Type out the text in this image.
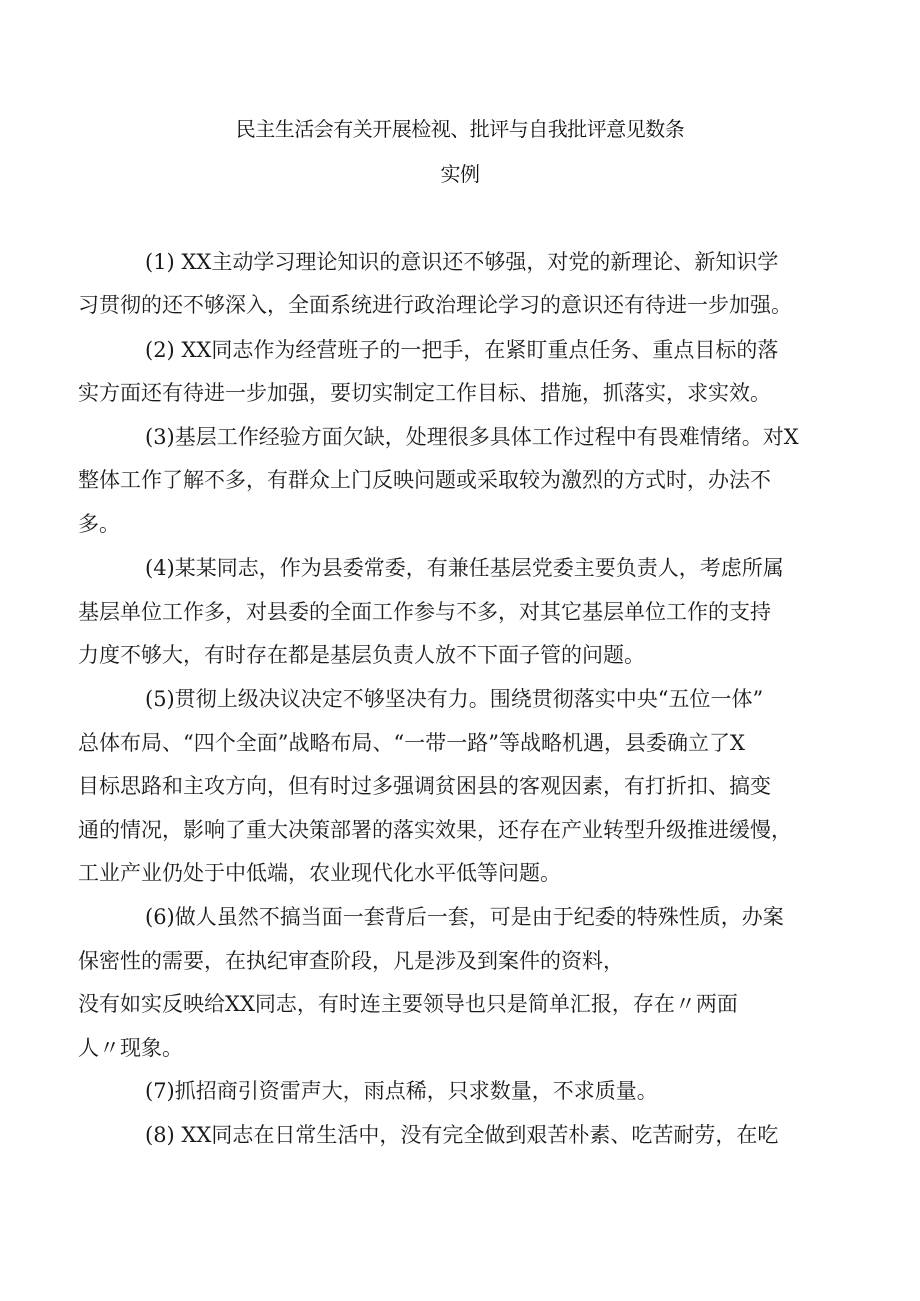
民主生活会有关开展检视、批评与自我批评意见数条
实例
(1) XX主动学习理论知识的意识还不够强，对党的新理论、新知识学
习贯彻的还不够深入，全面系统进行政治理论学习的意识还有待进一步加强。
(2) XX同志作为经营班子的一把手，在紧盯重点任务、重点目标的落
实方面还有待进一步加强，要切实制定工作目标、措施，抓落实，求实效。
(3)基层工作经验方面欠缺，处理很多具体工作过程中有畏难情绪。对X
整体工作了解不多，有群众上门反映问题或采取较为激烈的方式时，办法不
多。
(4)某某同志，作为县委常委，有兼任基层党委主要负责人，考虑所属
基层单位工作多，对县委的全面工作参与不多，对其它基层单位工作的支持
力度不够大，有时存在都是基层负责人放不下面子管的问题。
(5)贯彻上级决议决定不够坚决有力。围绕贯彻落实中央“五位一体”
总体布局、“四个全面”战略布局、“一带一路”等战略机遇，县委确立了X
目标思路和主攻方向，但有时过多强调贫困县的客观因素，有打折扣、搞变
通的情况，影响了重大决策部署的落实效果，还存在产业转型升级推进缓慢，
工业产业仍处于中低端，农业现代化水平低等问题。
(6)做人虽然不搞当面一套背后一套，可是由于纪委的特殊性质，办案
保密性的需要，在执纪审查阶段，凡是涉及到案件的资料，
没有如实反映给XX同志，有时连主要领导也只是简单汇报，存在〃两面
人〃现象。
(7)抓招商引资雷声大，雨点稀，只求数量，不求质量。
(8) XX同志在日常生活中，没有完全做到艰苦朴素、吃苦耐劳，在吃
